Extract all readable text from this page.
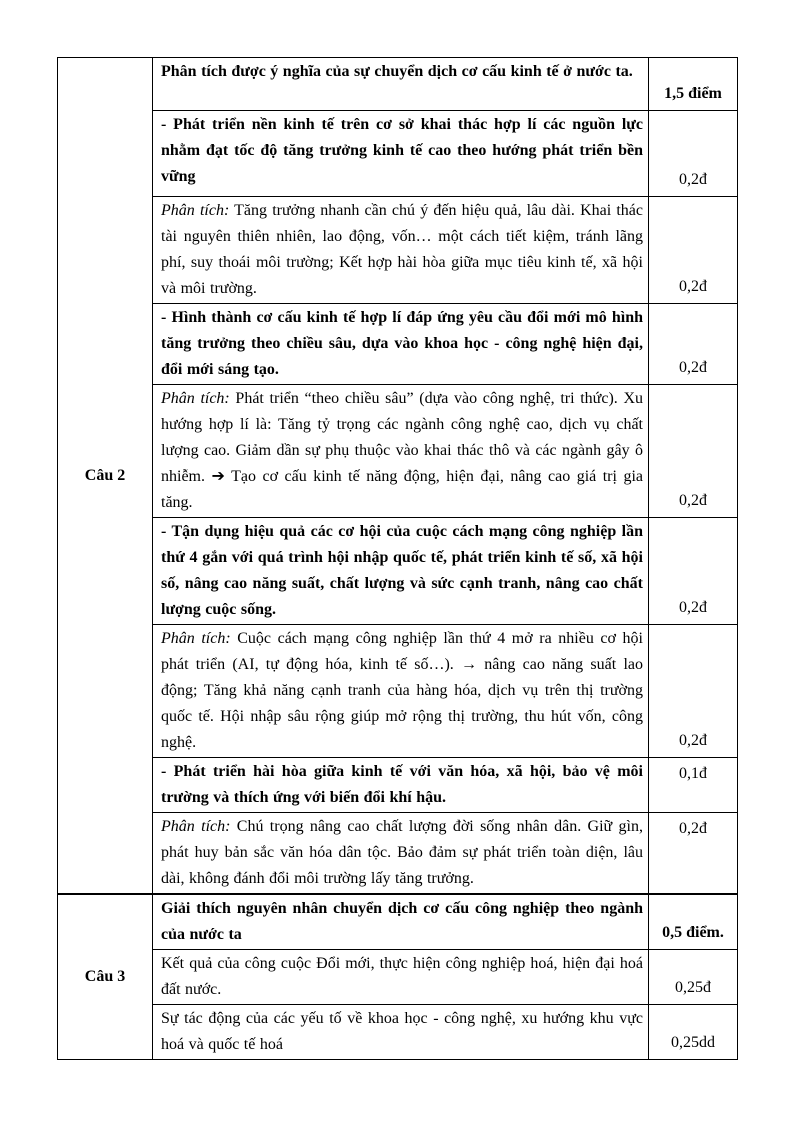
Câu 2	Phân tích được ý nghĩa của sự chuyển dịch cơ cấu kinh tế ở nước ta.	1,5 điểm
	- Phát triển nền kinh tế trên cơ sở khai thác hợp lí các nguồn lực nhằm đạt tốc độ tăng trưởng kinh tế cao theo hướng phát triển bền vững	0,2đ
	Phân tích: Tăng trưởng nhanh cần chú ý đến hiệu quả, lâu dài. Khai thác tài nguyên thiên nhiên, lao động, vốn… một cách tiết kiệm, tránh lãng phí, suy thoái môi trường; Kết hợp hài hòa giữa mục tiêu kinh tế, xã hội và môi trường.	0,2đ
	- Hình thành cơ cấu kinh tế hợp lí đáp ứng yêu cầu đổi mới mô hình tăng trưởng theo chiều sâu, dựa vào khoa học - công nghệ hiện đại, đổi mới sáng tạo.	0,2đ
	Phân tích: Phát triển “theo chiều sâu” (dựa vào công nghệ, tri thức). Xu hướng hợp lí là: Tăng tỷ trọng các ngành công nghệ cao, dịch vụ chất lượng cao. Giảm dần sự phụ thuộc vào khai thác thô và các ngành gây ô nhiễm. ➔ Tạo cơ cấu kinh tế năng động, hiện đại, nâng cao giá trị gia tăng.	0,2đ
	- Tận dụng hiệu quả các cơ hội của cuộc cách mạng công nghiệp lần thứ 4 gắn với quá trình hội nhập quốc tế, phát triển kinh tế số, xã hội số, nâng cao năng suất, chất lượng và sức cạnh tranh, nâng cao chất lượng cuộc sống.	0,2đ
	Phân tích: Cuộc cách mạng công nghiệp lần thứ 4 mở ra nhiều cơ hội phát triển (AI, tự động hóa, kinh tế số…). → nâng cao năng suất lao động; Tăng khả năng cạnh tranh của hàng hóa, dịch vụ trên thị trường quốc tế. Hội nhập sâu rộng giúp mở rộng thị trường, thu hút vốn, công nghệ.	0,2đ
	- Phát triển hài hòa giữa kinh tế với văn hóa, xã hội, bảo vệ môi trường và thích ứng với biến đổi khí hậu.	0,1đ
	Phân tích: Chú trọng nâng cao chất lượng đời sống nhân dân. Giữ gìn, phát huy bản sắc văn hóa dân tộc. Bảo đảm sự phát triển toàn diện, lâu dài, không đánh đổi môi trường lấy tăng trưởng.	0,2đ
Câu 3	Giải thích nguyên nhân chuyển dịch cơ cấu công nghiệp theo ngành của nước ta	0,5 điểm.
	Kết quả của công cuộc Đổi mới, thực hiện công nghiệp hoá, hiện đại hoá đất nước.	0,25đ
	Sự tác động của các yếu tố về khoa học - công nghệ, xu hướng khu vực hoá và quốc tế hoá	0,25dd
